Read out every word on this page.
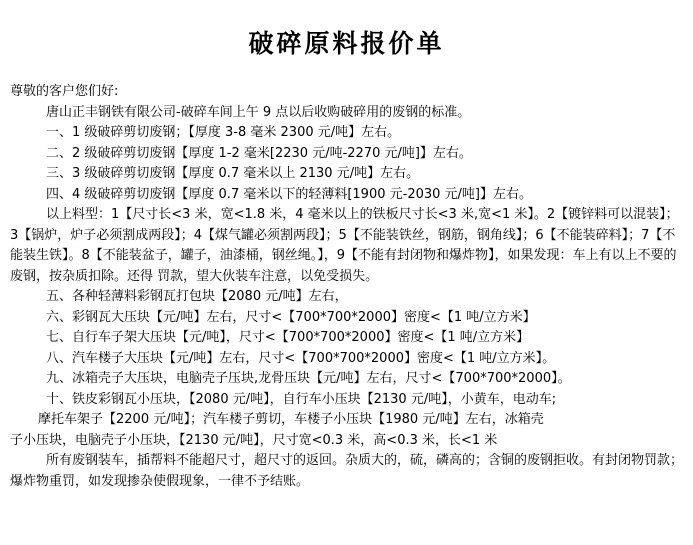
破碎原料报价单
尊敬的客户您们好:
唐山正丰钢铁有限公司-破碎车间上午 9 点以后收购破碎用的废钢的标准。
一、1 级破碎剪切废钢；【厚度 3-8 毫米 2300 元/吨】左右。
二、2 级破碎剪切废钢【厚度 1-2 毫米[2230 元/吨-2270 元/吨]】左右。
三、3 级破碎剪切废钢【厚度 0.7 毫米以上 2130 元/吨】左右。
四、4 级破碎剪切废钢【厚度 0.7 毫米以下的轻薄料[1900 元-2030 元/吨]】左右。
以上料型：1【尺寸长<3 米，宽<1.8 米，4 毫米以上的铁板尺寸长<3 米,宽<1 米】。2【镀锌料可以混装】；3【锅炉，炉子必须割成两段】；4【煤气罐必须割两段】；5【不能装铁丝，钢筋，钢角线】；6【不能装碎料】；7【不能装生铁】。8【不能装盆子，罐子，油漆桶，钢丝绳。】，9【不能有封闭物和爆炸物】，如果发现：车上有以上不要的废钢，按杂质扣除。还得 罚款，望大伙装车注意，以免受损失。
五、各种轻薄料彩钢瓦打包块【2080 元/吨】左右，
六、彩钢瓦大压块【元/吨】左右，尺寸<【700*700*2000】密度<【1 吨/立方米】
七、自行车子架大压块【元/吨】，尺寸<【700*700*2000】密度<【1 吨/立方米】
八、汽车楼子大压块【元/吨】左右，尺寸<【700*700*2000】密度<【1 吨/立方米】。
九、冰箱壳子大压块，电脑壳子压块,龙骨压块【元/吨】左右，尺寸<【700*700*2000】。
十、铁皮彩钢瓦小压块，【2080 元/吨】，自行车小压块【2130 元/吨】，小黄车，电动车;
摩托车架子【2200 元/吨】；汽车楼子剪切，车楼子小压块【1980 元/吨】左右，冰箱壳
子小压块，电脑壳子小压块，【2130 元/吨】，尺寸宽<0.3 米，高<0.3 米，长<1 米
所有废钢装车，插帮料不能超尺寸，超尺寸的返回。杂质大的，硫，磷高的；含铜的废钢拒收。有封闭物罚款；爆炸物重罚，如发现掺杂使假现象，一律不予结账。
